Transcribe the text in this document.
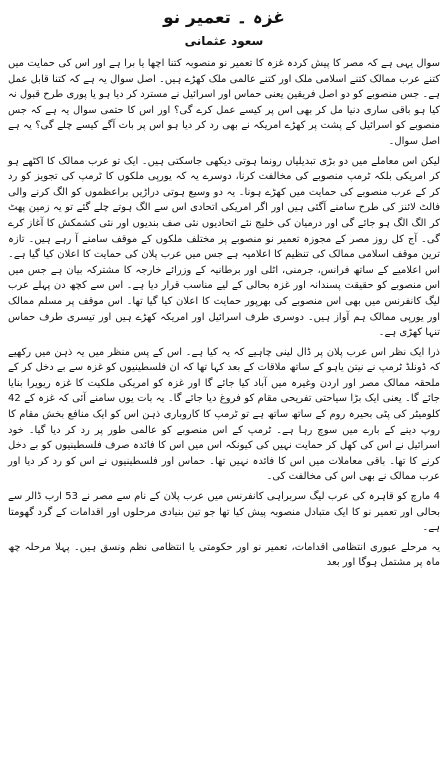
غزہ ۔ تعمیر نو
سعود عثمانی

سوال یہی ہے کہ مصر کا پیش کردہ غزہ کا تعمیر نو منصوبہ کتنا اچھا یا برا ہے اور اس کی حمایت میں کتنے عرب ممالک کتنے اسلامی ملک اور کتنے عالمی ملک کھڑے ہیں۔ اصل سوال یہ ہے کہ کتنا قابل عمل ہے۔ جس منصوبے کو دو اصل فریقین یعنی حماس اور اسرائیل نے مسترد کر دیا ہو یا پوری طرح قبول نہ کیا ہو باقی ساری دنیا مل کر بھی اس پر کیسے عمل کرے گی؟ اور اس کا حتمی سوال یہ ہے کہ جس منصوبے کو اسرائیل کے پشت پر کھڑے امریکہ نے بھی رد کر دیا ہو اس پر بات آگے کیسے چلے گی؟ یہ ہے اصل سوال۔

لیکن اس معاملے میں دو بڑی تبدیلیاں رونما ہوتی دیکھی جاسکتی ہیں۔ ایک تو عرب ممالک کا اکٹھے ہو کر امریکی بلکہ ٹرمپ منصوبے کی مخالفت کرنا، دوسرے یہ کہ یورپی ملکوں کا ٹرمپ کی تجویز کو رد کر کے عرب منصوبے کی حمایت میں کھڑے ہونا۔ یہ دو وسیع ہوتی دراڑیں براعظموں کو الگ کرنے والی فالٹ لائنز کی طرح سامنے آگئی ہیں اور اگر امریکی اتحادی اس سے الگ ہوتے چلے گئے تو یہ زمین پھٹ کر الگ الگ ہو جائے گی اور درمیان کی خلیج نئے اتحادیوں نئی صف بندیوں اور نئی کشمکش کا آغاز کرے گی۔ آج کل روز مصر کے مجوزہ تعمیر نو منصوبے پر مختلف ملکوں کے موقف سامنے آ رہے ہیں۔ تازہ ترین موقف اسلامی ممالک کی تنظیم کا اعلامیہ ہے جس میں عرب پلان کی حمایت کا اعلان کیا گیا ہے۔ اس اعلامیے کے ساتھ فرانس، جرمنی، اٹلی اور برطانیہ کے وزرائے خارجہ کا مشترکہ بیان ہے جس میں اس منصوبے کو حقیقت پسندانہ اور غزہ بحالی کے لیے مناسب قرار دیا ہے۔ اس سے کچھ دن پہلے عرب لیگ کانفرنس میں بھی اس منصوبے کی بھرپور حمایت کا اعلان کیا گیا تھا۔ اس موقف پر مسلم ممالک اور یورپی ممالک ہم آواز ہیں۔ دوسری طرف اسرائیل اور امریکہ کھڑے ہیں اور تیسری طرف حماس تنہا کھڑی ہے۔

ذرا ایک نظر اس عرب پلان پر ڈال لینی چاہیے کہ یہ کیا ہے۔ اس کے پس منظر میں یہ ذہن میں رکھیے کہ ڈونلڈ ٹرمپ نے نیتن یاہو کے ساتھ ملاقات کے بعد کہا تھا کہ ان فلسطینیوں کو غزہ سے بے دخل کر کے ملحقہ ممالک مصر اور اردن وغیرہ میں آباد کیا جائے گا اور غزہ کو امریکی ملکیت کا غزہ ریویرا بنایا جائے گا۔ یعنی ایک بڑا سیاحتی تفریحی مقام کو فروغ دیا جائے گا۔ یہ بات یوں سامنے آئی کہ غزہ کے 42 کلومیٹر کی پٹی بحیرہ روم کے ساتھ ساتھ ہے تو ٹرمپ کا کاروباری ذہن اس کو ایک منافع بخش مقام کا روپ دینے کے بارے میں سوچ رہا ہے۔ ٹرمپ کے اس منصوبے کو عالمی طور پر رد کر دیا گیا۔ خود اسرائیل نے اس کی کھل کر حمایت نہیں کی کیونکہ اس میں اس کا فائدہ صرف فلسطینیوں کو بے دخل کرنے کا تھا۔ باقی معاملات میں اس کا فائدہ نہیں تھا۔ حماس اور فلسطینیوں نے اس کو رد کر دیا اور عرب ممالک نے بھی اس کی مخالفت کی۔

4 مارچ کو قاہرہ کی عرب لیگ سربراہی کانفرنس میں عرب پلان کے نام سے مصر نے 53 ارب ڈالر سے بحالی اور تعمیر نو کا ایک متبادل منصوبہ پیش کیا تھا جو تین بنیادی مرحلوں اور اقدامات کے گرد گھومتا ہے۔

یہ مرحلے عبوری انتظامی اقدامات، تعمیر نو اور حکومتی یا انتظامی نظم ونسق ہیں۔ پہلا مرحلہ چھ ماہ پر مشتمل ہوگا اور بعد
